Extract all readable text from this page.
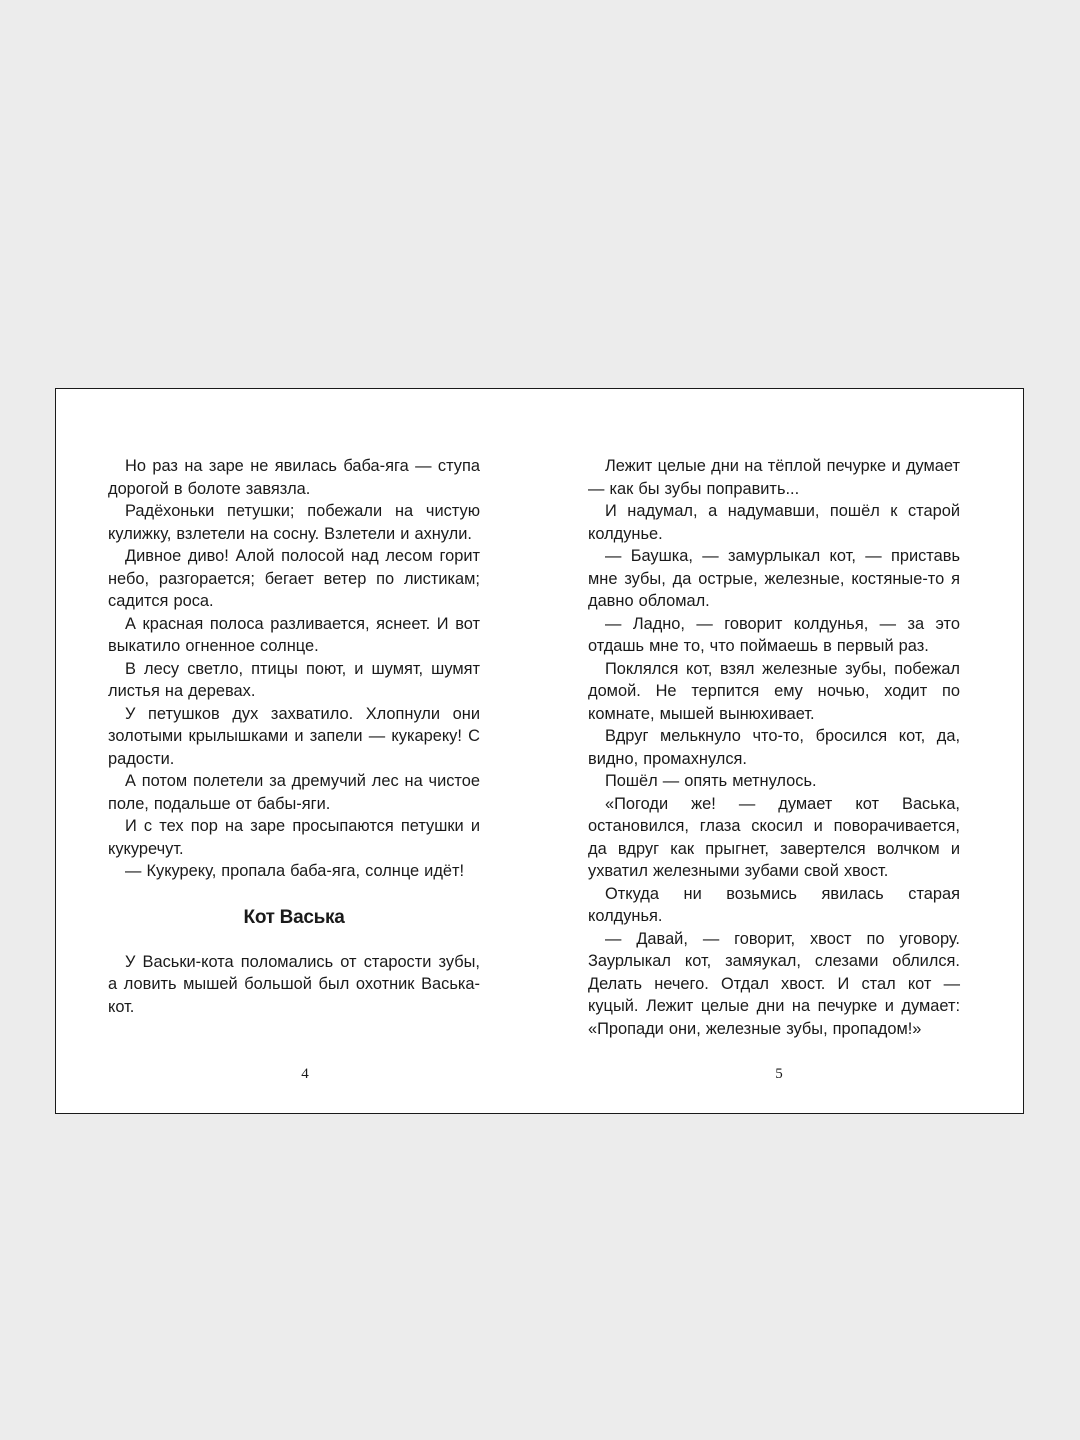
Но раз на заре не явилась баба-яга — ступа дорогой в болоте завязла.

Радёхоньки петушки; побежали на чистую кулижку, взлетели на сосну. Взлетели и ахнули.

Дивное диво! Алой полосой над лесом горит небо, разгорается; бегает ветер по листикам; садится роса.

А красная полоса разливается, яснеет. И вот выкатило огненное солнце.

В лесу светло, птицы поют, и шумят, шумят листья на деревах.

У петушков дух захватило. Хлопнули они золотыми крылышками и запели — кукареку! С радости.

А потом полетели за дремучий лес на чистое поле, подальше от бабы-яги.

И с тех пор на заре просыпаются петушки и кукуречут.

— Кукуреку, пропала баба-яга, солнце идёт!

Кот Васька

У Васьки-кота поломались от старости зубы, а ловить мышей большой был охотник Васька-кот.

Лежит целые дни на тёплой печурке и думает — как бы зубы поправить...

И надумал, а надумавши, пошёл к старой колдунье.

— Баушка, — замурлыкал кот, — приставь мне зубы, да острые, железные, костяные-то я давно обломал.

— Ладно, — говорит колдунья, — за это отдашь мне то, что поймаешь в первый раз.

Поклялся кот, взял железные зубы, побежал домой. Не терпится ему ночью, ходит по комнате, мышей вынюхивает.

Вдруг мелькнуло что-то, бросился кот, да, видно, промахнулся.

Пошёл — опять метнулось.

«Погоди же! — думает кот Васька, остановился, глаза скосил и поворачивается, да вдруг как прыгнет, завертелся волчком и ухватил железными зубами свой хвост.

Откуда ни возьмись явилась старая колдунья.

— Давай, — говорит, хвост по уговору. Заурлыкал кот, замяукал, слезами облился. Делать нечего. Отдал хвост. И стал кот — куцый. Лежит целые дни на печурке и думает: «Пропади они, железные зубы, пропадом!»

4	5
